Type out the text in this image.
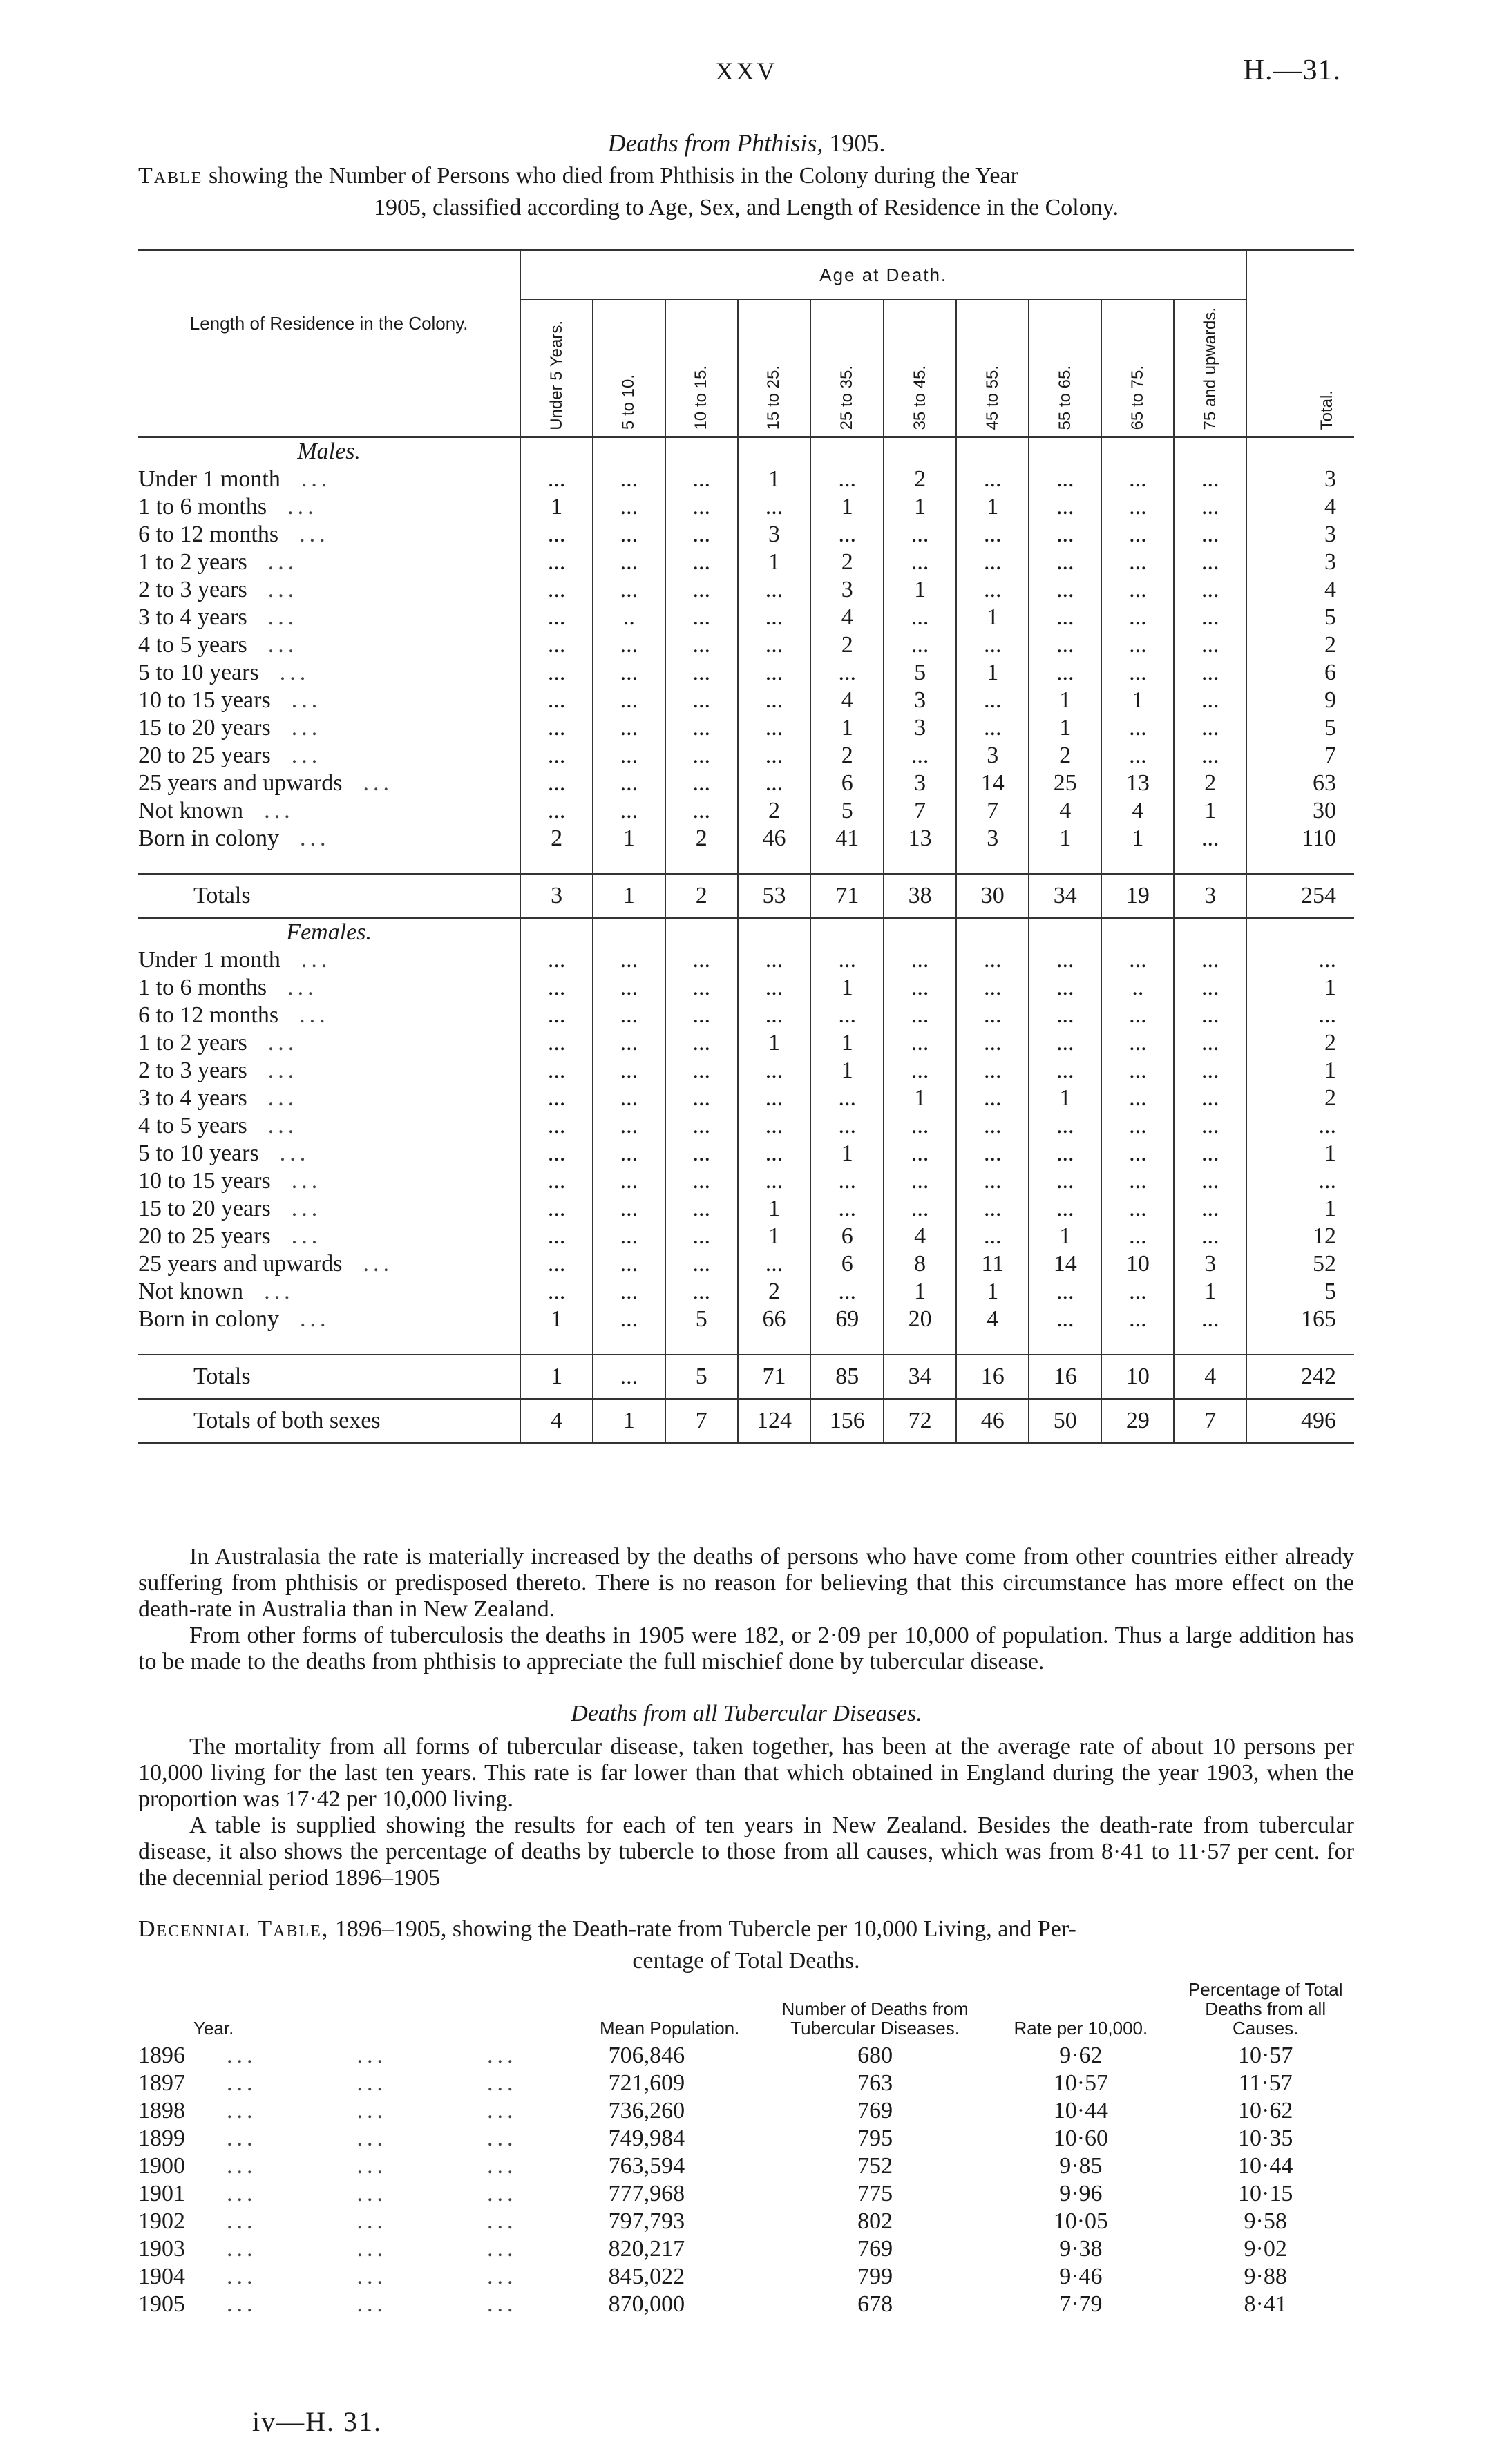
XXV	H.—31.
Deaths from Phthisis, 1905.
Table showing the Number of Persons who died from Phthisis in the Colony during the Year
1905, classified according to Age, Sex, and Length of Residence in the Colony.
Length of Residence in the Colony.	Age at Death.										
	Under 5 Years.	5 to 10.	10 to 15.	15 to 25.	25 to 35.	35 to 45.	45 to 55.	55 to 65.	65 to 75.	75 and upwards.	Total.
Males.											
Under 1 month ...	...	...	...	1	...	2	...	...	...	...	3
1 to 6 months ...	1	...	...	...	1	1	1	...	...	...	4
6 to 12 months ...	...	...	...	3	...	...	...	...	...	...	3
1 to 2 years ...	...	...	...	1	2	...	...	...	...	...	3
2 to 3 years ...	...	...	...	...	3	1	...	...	...	...	4
3 to 4 years ...	...	..	...	...	4	...	1	...	...	...	5
4 to 5 years ...	...	...	...	...	2	...	...	...	...	...	2
5 to 10 years ...	...	...	...	...	...	5	1	...	...	...	6
10 to 15 years ...	...	...	...	...	4	3	...	1	1	...	9
15 to 20 years ...	...	...	...	...	1	3	...	1	...	...	5
20 to 25 years ...	...	...	...	...	2	...	3	2	...	...	7
25 years and upwards ...	...	...	...	...	6	3	14	25	13	2	63
Not known ...	...	...	...	2	5	7	7	4	4	1	30
Born in colony ...	2	1	2	46	41	13	3	1	1	...	110

Totals	3	1	2	53	71	38	30	34	19	3	254
Females.											
Under 1 month ...	...	...	...	...	...	...	...	...	...	...	...
1 to 6 months ...	...	...	...	...	1	...	...	...	..	...	1
6 to 12 months ...	...	...	...	...	...	...	...	...	...	...	...
1 to 2 years ...	...	...	...	1	1	...	...	...	...	...	2
2 to 3 years ...	...	...	...	...	1	...	...	...	...	...	1
3 to 4 years ...	...	...	...	...	...	1	...	1	...	...	2
4 to 5 years ...	...	...	...	...	...	...	...	...	...	...	...
5 to 10 years ...	...	...	...	...	1	...	...	...	...	...	1
10 to 15 years ...	...	...	...	...	...	...	...	...	...	...	...
15 to 20 years ...	...	...	...	1	...	...	...	...	...	...	1
20 to 25 years ...	...	...	...	1	6	4	...	1	...	...	12
25 years and upwards ...	...	...	...	...	6	8	11	14	10	3	52
Not known ...	...	...	...	2	...	1	1	...	...	1	5
Born in colony ...	1	...	5	66	69	20	4	...	...	...	165

Totals	1	...	5	71	85	34	16	16	10	4	242
Totals of both sexes	4	1	7	124	156	72	46	50	29	7	496

In Australasia the rate is materially increased by the deaths of persons who have come from other countries either already suffering from phthisis or predisposed thereto. There is no reason for believing that this circumstance has more effect on the death-rate in Australia than in New Zealand.

From other forms of tuberculosis the deaths in 1905 were 182, or 2·09 per 10,000 of population. Thus a large addition has to be made to the deaths from phthisis to appreciate the full mischief done by tubercular disease.

Deaths from all Tubercular Diseases.

The mortality from all forms of tubercular disease, taken together, has been at the average rate of about 10 persons per 10,000 living for the last ten years. This rate is far lower than that which obtained in England during the year 1903, when the proportion was 17·42 per 10,000 living.

A table is supplied showing the results for each of ten years in New Zealand. Besides the death-rate from tubercular disease, it also shows the percentage of deaths by tubercle to those from all causes, which was from 8·41 to 11·57 per cent. for the decennial period 1896–1905

Decennial Table, 1896–1905, showing the Death-rate from Tubercle per 10,000 Living, and Per-
centage of Total Deaths.
Year.	Mean Population.	Number of Deaths from Tubercular Diseases.	Rate per 10,000.	Percentage of Total Deaths from all Causes.
1896 ...          ...          ...	706,846	680	9·62	10·57
1897 ...          ...          ...	721,609	763	10·57	11·57
1898 ...          ...          ...	736,260	769	10·44	10·62
1899 ...          ...          ...	749,984	795	10·60	10·35
1900 ...          ...          ...	763,594	752	9·85	10·44
1901 ...          ...          ...	777,968	775	9·96	10·15
1902 ...          ...          ...	797,793	802	10·05	9·58
1903 ...          ...          ...	820,217	769	9·38	9·02
1904 ...          ...          ...	845,022	799	9·46	9·88
1905 ...          ...          ...	870,000	678	7·79	8·41
iv—H. 31.
